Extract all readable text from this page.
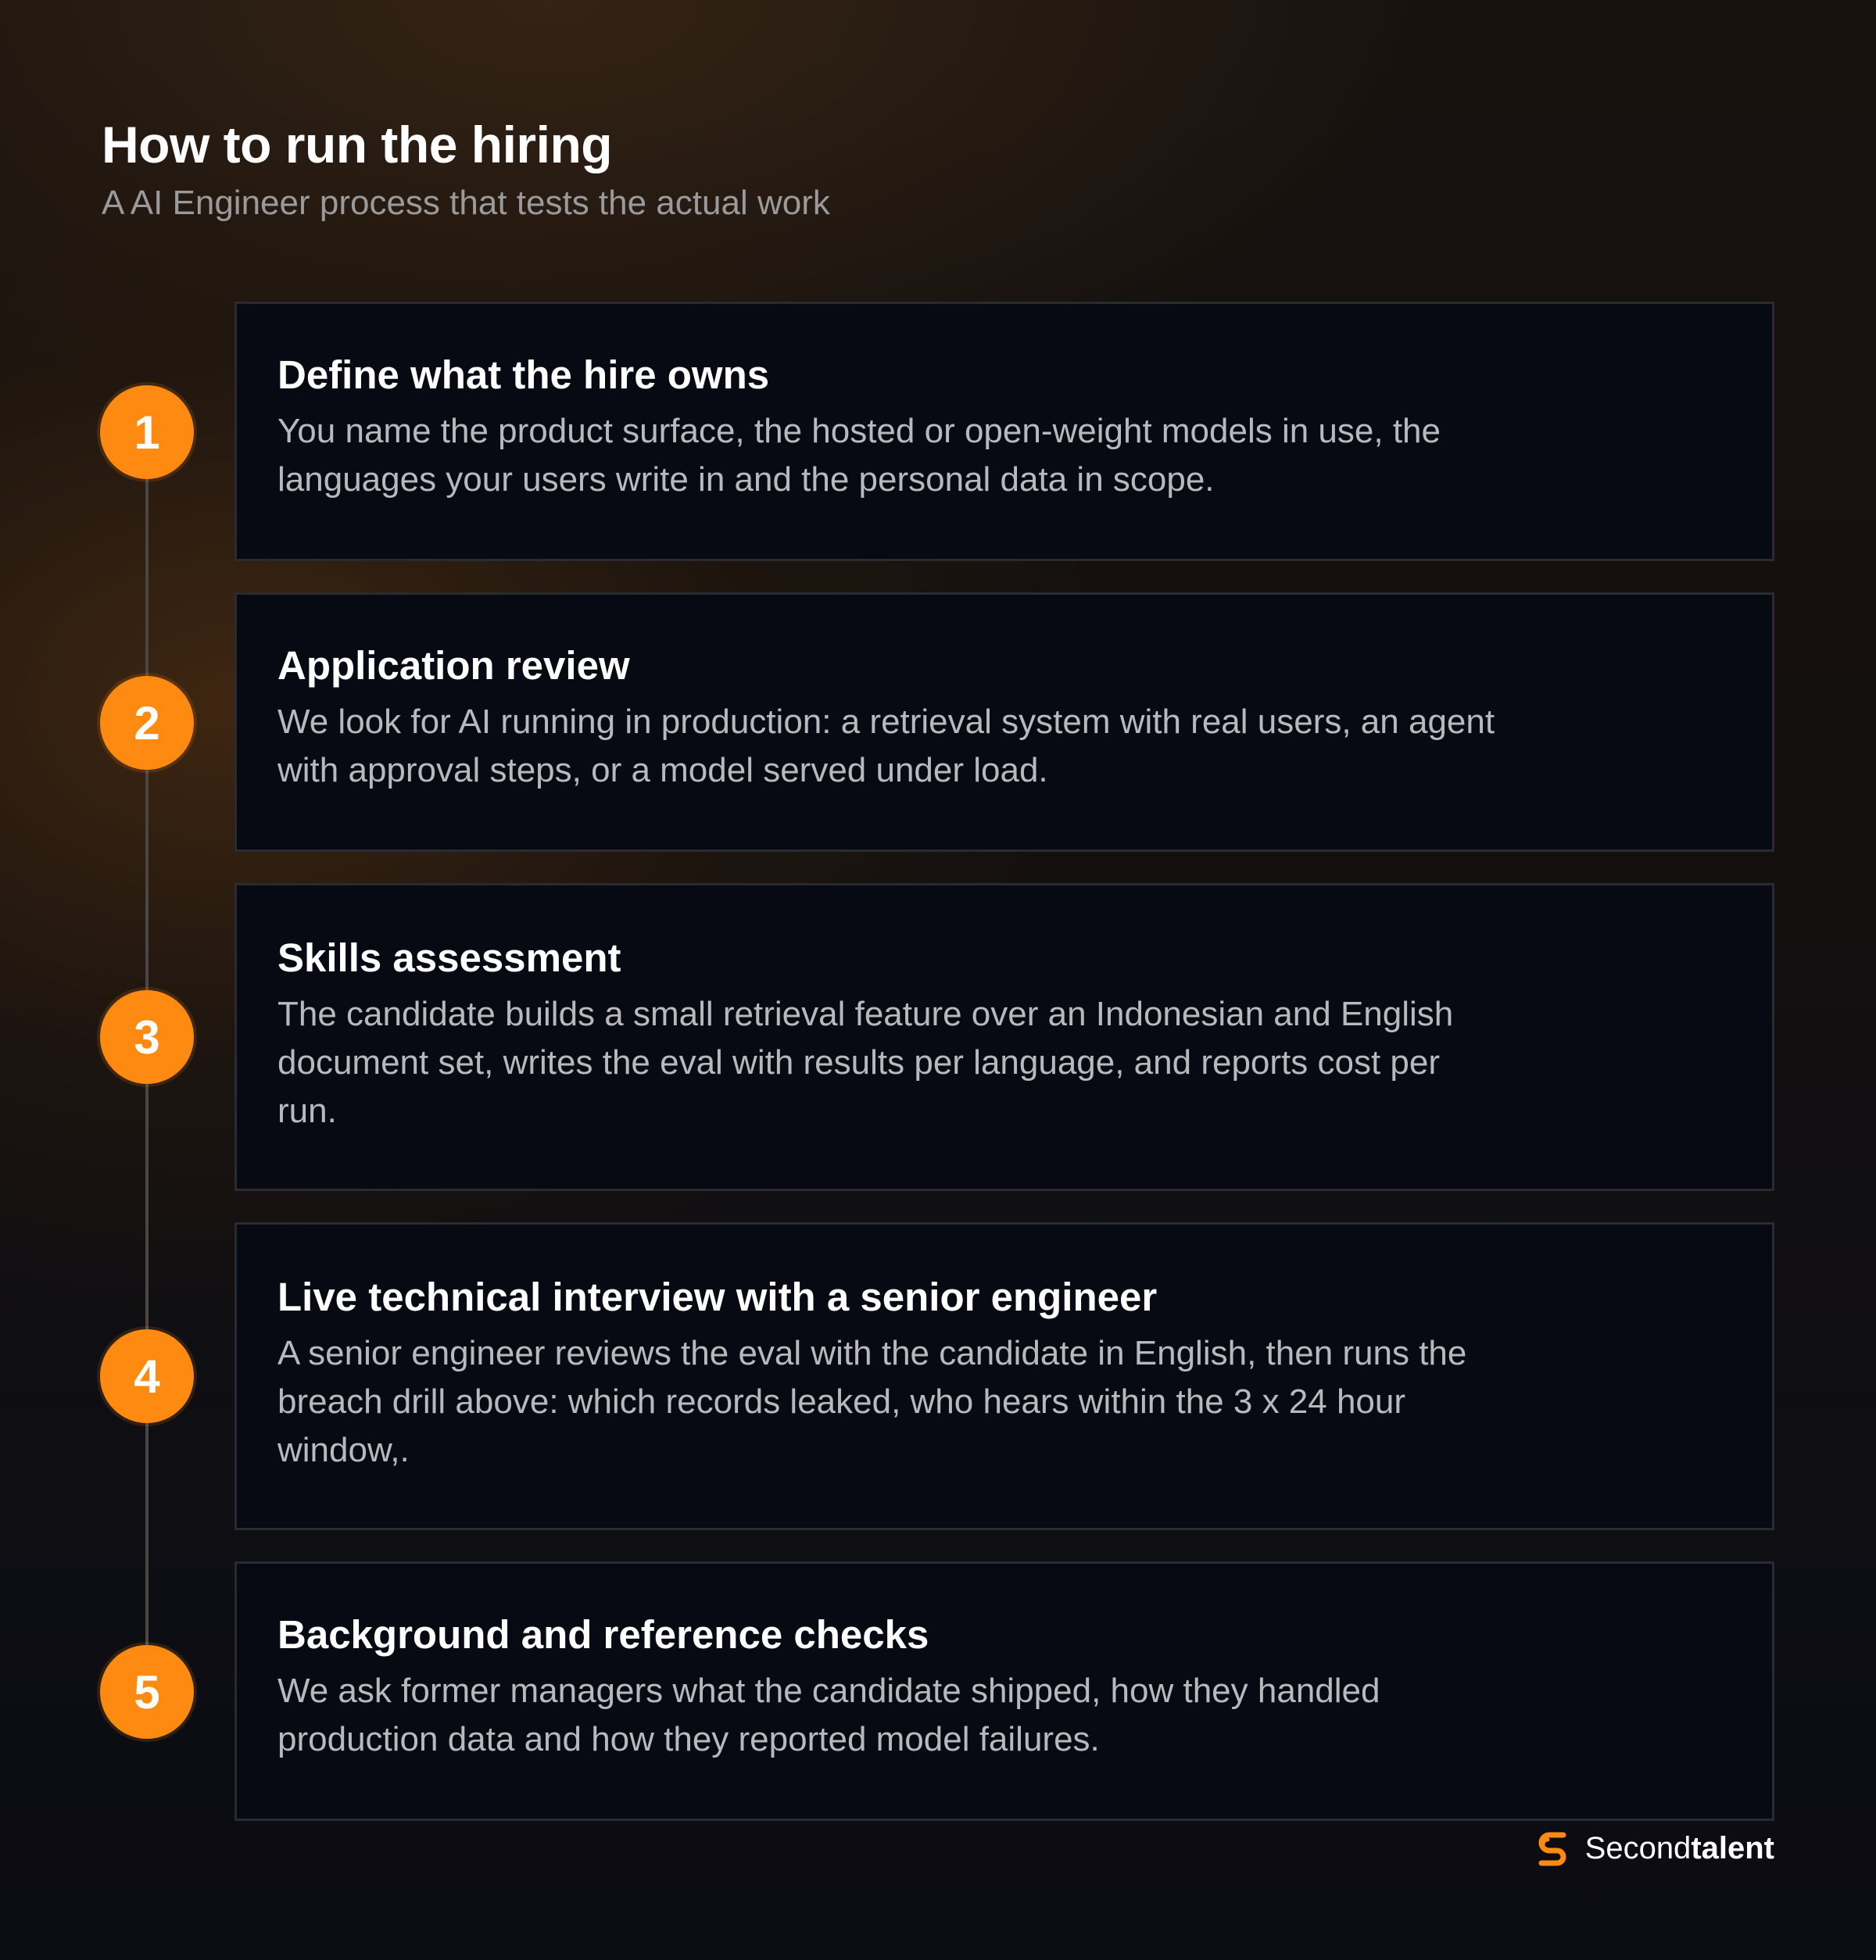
How to run the hiring

A AI Engineer process that tests the actual work

1
Define what the hire owns
You name the product surface, the hosted or open-weight models in use, the languages your users write in and the personal data in scope.
2
Application review
We look for AI running in production: a retrieval system with real users, an agent with approval steps, or a model served under load.
3
Skills assessment
The candidate builds a small retrieval feature over an Indonesian and English document set, writes the eval with results per language, and reports cost per run.
4
Live technical interview with a senior engineer
A senior engineer reviews the eval with the candidate in English, then runs the breach drill above: which records leaked, who hears within the 3 x 24 hour window,.
5
Background and reference checks
We ask former managers what the candidate shipped, how they handled production data and how they reported model failures.
Secondtalent
